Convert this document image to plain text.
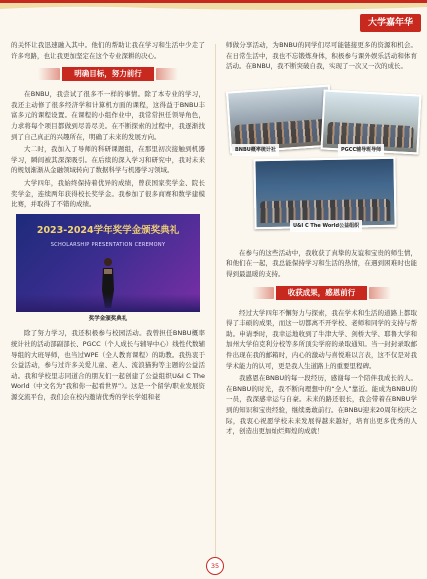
大学嘉年华

的关怀让我迅速融入其中。他们的帮助让我在学习和生活中少走了许多弯路，也让我更加坚定在这个专业深耕的决心。

明确目标，努力前行

在BNBU，我尝试了很多不一样的事情。除了本专业的学习，我还主动修了很多经济学和计算机方面的课程，这得益于BNBU丰富多元的课程设置。在课程的小组作业中，我常常担任领导角色，力求将每个项目都做到尽善尽美。在不断探索的过程中，我逐渐找到了自己真正的兴趣所在，明确了未来的发展方向。

大二时，我加入了导师的科研课题组，在那里初次接触到机器学习，瞬间被其深深吸引。在后续的深入学习和研究中，我对未来的规划渐渐从金融领域转向了数据科学与机器学习领域。

大学四年，我始终保持着优异的成绩，曾获国家奖学金、院长奖学金，连续两年获得校长奖学金。我参加了很多商赛和数学建模比赛，并取得了不错的成绩。

2023-2024学年奖学金颁奖典礼
SCHOLARSHIP PRESENTATION CEREMONY
奖学金颁奖典礼

除了努力学习，我还积极参与校园活动。我曾担任BNBU概率统计社的活动部副部长、PGCC（个人成长与辅导中心）线性代数辅导组的大班导师，也当过WPE（全人教育课程）的助教。我热衷于公益活动，参与过许多关爱儿童、老人、流浪猫狗等主题的公益活动。我和学校里志同道合的朋友们一起创建了公益组织U&I C The World（中文名为“我和你一起看世界”）。这是一个留学/职业发展资源交流平台，我们会在校内邀请优秀的学长学姐和老

师做分享活动，为BNBU的同学们尽可能链接更多的资源和机会。在日常生活中，我也不忘锻炼身体，积极参与课外娱乐活动和体育活动。在BNBU，我不断突破自我，实现了一次又一次的成长。

BNBU概率统计社	PGCC辅导班导师
U&I C The World公益组织

在参与的这些活动中，我收获了真挚的友谊和宝贵的师生情，和他们在一起，我总能保持学习和生活的热情，在遇到困难时也能得到最温暖的支持。

收获成果，感恩前行

经过大学四年不懈努力与探索，我在学术和生活的道路上都取得了丰硕的成果，而这一切都离不开学校、老师和同学的支持与帮助。申请季时，我幸运地收到了牛津大学、剑桥大学、耶鲁大学和加州大学伯克利分校等多所顶尖学府的录取通知。当一封封录取邮件出现在我的邮箱时，内心的激动与喜悦难以言表，这不仅是对我学术能力的认可，更是我人生道路上的重要里程碑。

我感恩在BNBU的每一段经历，感谢每一个陪伴我成长的人。在BNBU的时光，我不断向理想中的“全人”靠近。能成为BNBU的一员，我深感幸运与自豪。未来的路还很长，我会带着在BNBU学到的知识和宝贵经验，继续勇敢前行。在BNBU迎来20周年校庆之际，我衷心祝愿学校未来发展得越来越好，培育出更多优秀的人才，创造出更加灿烂辉煌的成就！

35
